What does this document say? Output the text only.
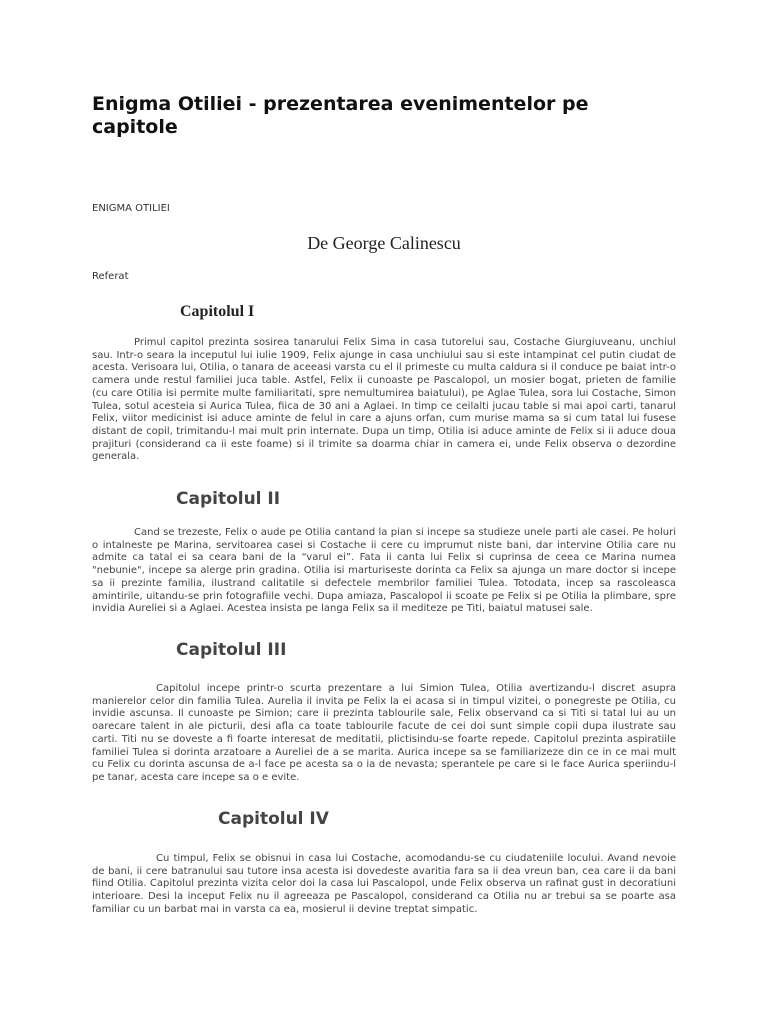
Enigma Otiliei - prezentarea evenimentelor pe capitole
ENIGMA OTILIEI
De George Calinescu
Referat
Capitolul I

Primul capitol prezinta sosirea tanarului Felix Sima in casa tutorelui sau, Costache Giurgiuveanu, unchiul sau. Intr-o seara la inceputul lui iulie 1909, Felix ajunge in casa unchiului sau si este intampinat cel putin ciudat de acesta. Verisoara lui, Otilia, o tanara de aceeasi varsta cu el il primeste cu multa caldura si il conduce pe baiat intr-o camera unde restul familiei juca table. Astfel, Felix ii cunoaste pe Pascalopol, un mosier bogat, prieten de familie (cu care Otilia isi permite multe familiaritati, spre nemultumirea baiatului), pe Aglae Tulea, sora lui Costache, Simon Tulea, sotul acesteia si Aurica Tulea, fiica de 30 ani a Aglaei. In timp ce ceilalti jucau table si mai apoi carti, tanarul Felix, viitor medicinist isi aduce aminte de felul in care a ajuns orfan, cum murise mama sa si cum tatal lui fusese distant de copil, trimitandu-l mai mult prin internate. Dupa un timp, Otilia isi aduce aminte de Felix si ii aduce doua prajituri (considerand ca ii este foame) si il trimite sa doarma chiar in camera ei, unde Felix observa o dezordine generala.

Capitolul II

Cand se trezeste, Felix o aude pe Otilia cantand la pian si incepe sa studieze unele parti ale casei. Pe holuri o intalneste pe Marina, servitoarea casei si Costache ii cere cu imprumut niste bani, dar intervine Otilia care nu admite ca tatal ei sa ceara bani de la “varul ei”. Fata ii canta lui Felix si cuprinsa de ceea ce Marina numea "nebunie", incepe sa alerge prin gradina. Otilia isi marturiseste dorinta ca Felix sa ajunga un mare doctor si incepe sa ii prezinte familia, ilustrand calitatile si defectele membrilor familiei Tulea. Totodata, incep sa rascoleasca amintirile, uitandu-se prin fotografiile vechi. Dupa amiaza, Pascalopol ii scoate pe Felix si pe Otilia la plimbare, spre invidia Aureliei si a Aglaei. Acestea insista pe langa Felix sa il mediteze pe Titi, baiatul matusei sale.

Capitolul III

Capitolul incepe printr-o scurta prezentare a lui Simion Tulea, Otilia avertizandu-l discret asupra manierelor celor din familia Tulea. Aurelia il invita pe Felix la ei acasa si in timpul vizitei, o ponegreste pe Otilia, cu invidie ascunsa. Il cunoaste pe Simion; care ii prezinta tablourile sale, Felix observand ca si Titi si tatal lui au un oarecare talent in ale picturii, desi afla ca toate tablourile facute de cei doi sunt simple copii dupa ilustrate sau carti. Titi nu se doveste a fi foarte interesat de meditatii, plictisindu-se foarte repede. Capitolul prezinta aspiratiile familiei Tulea si dorinta arzatoare a Aureliei de a se marita. Aurica incepe sa se familiarizeze din ce in ce mai mult cu Felix cu dorinta ascunsa de a-l face pe acesta sa o ia de nevasta; sperantele pe care si le face Aurica speriindu-l pe tanar, acesta care incepe sa o e evite.

Capitolul IV

Cu timpul, Felix se obisnui in casa lui Costache, acomodandu-se cu ciudateniile locului. Avand nevoie de bani, ii cere batranului sau tutore insa acesta isi dovedeste avaritia fara sa ii dea vreun ban, cea care ii da bani fiind Otilia. Capitolul prezinta vizita celor doi la casa lui Pascalopol, unde Felix observa un rafinat gust in decoratiuni interioare. Desi la inceput Felix nu il agreeaza pe Pascalopol, considerand ca Otilia nu ar trebui sa se poarte asa familiar cu un barbat mai in varsta ca ea, mosierul ii devine treptat simpatic.
